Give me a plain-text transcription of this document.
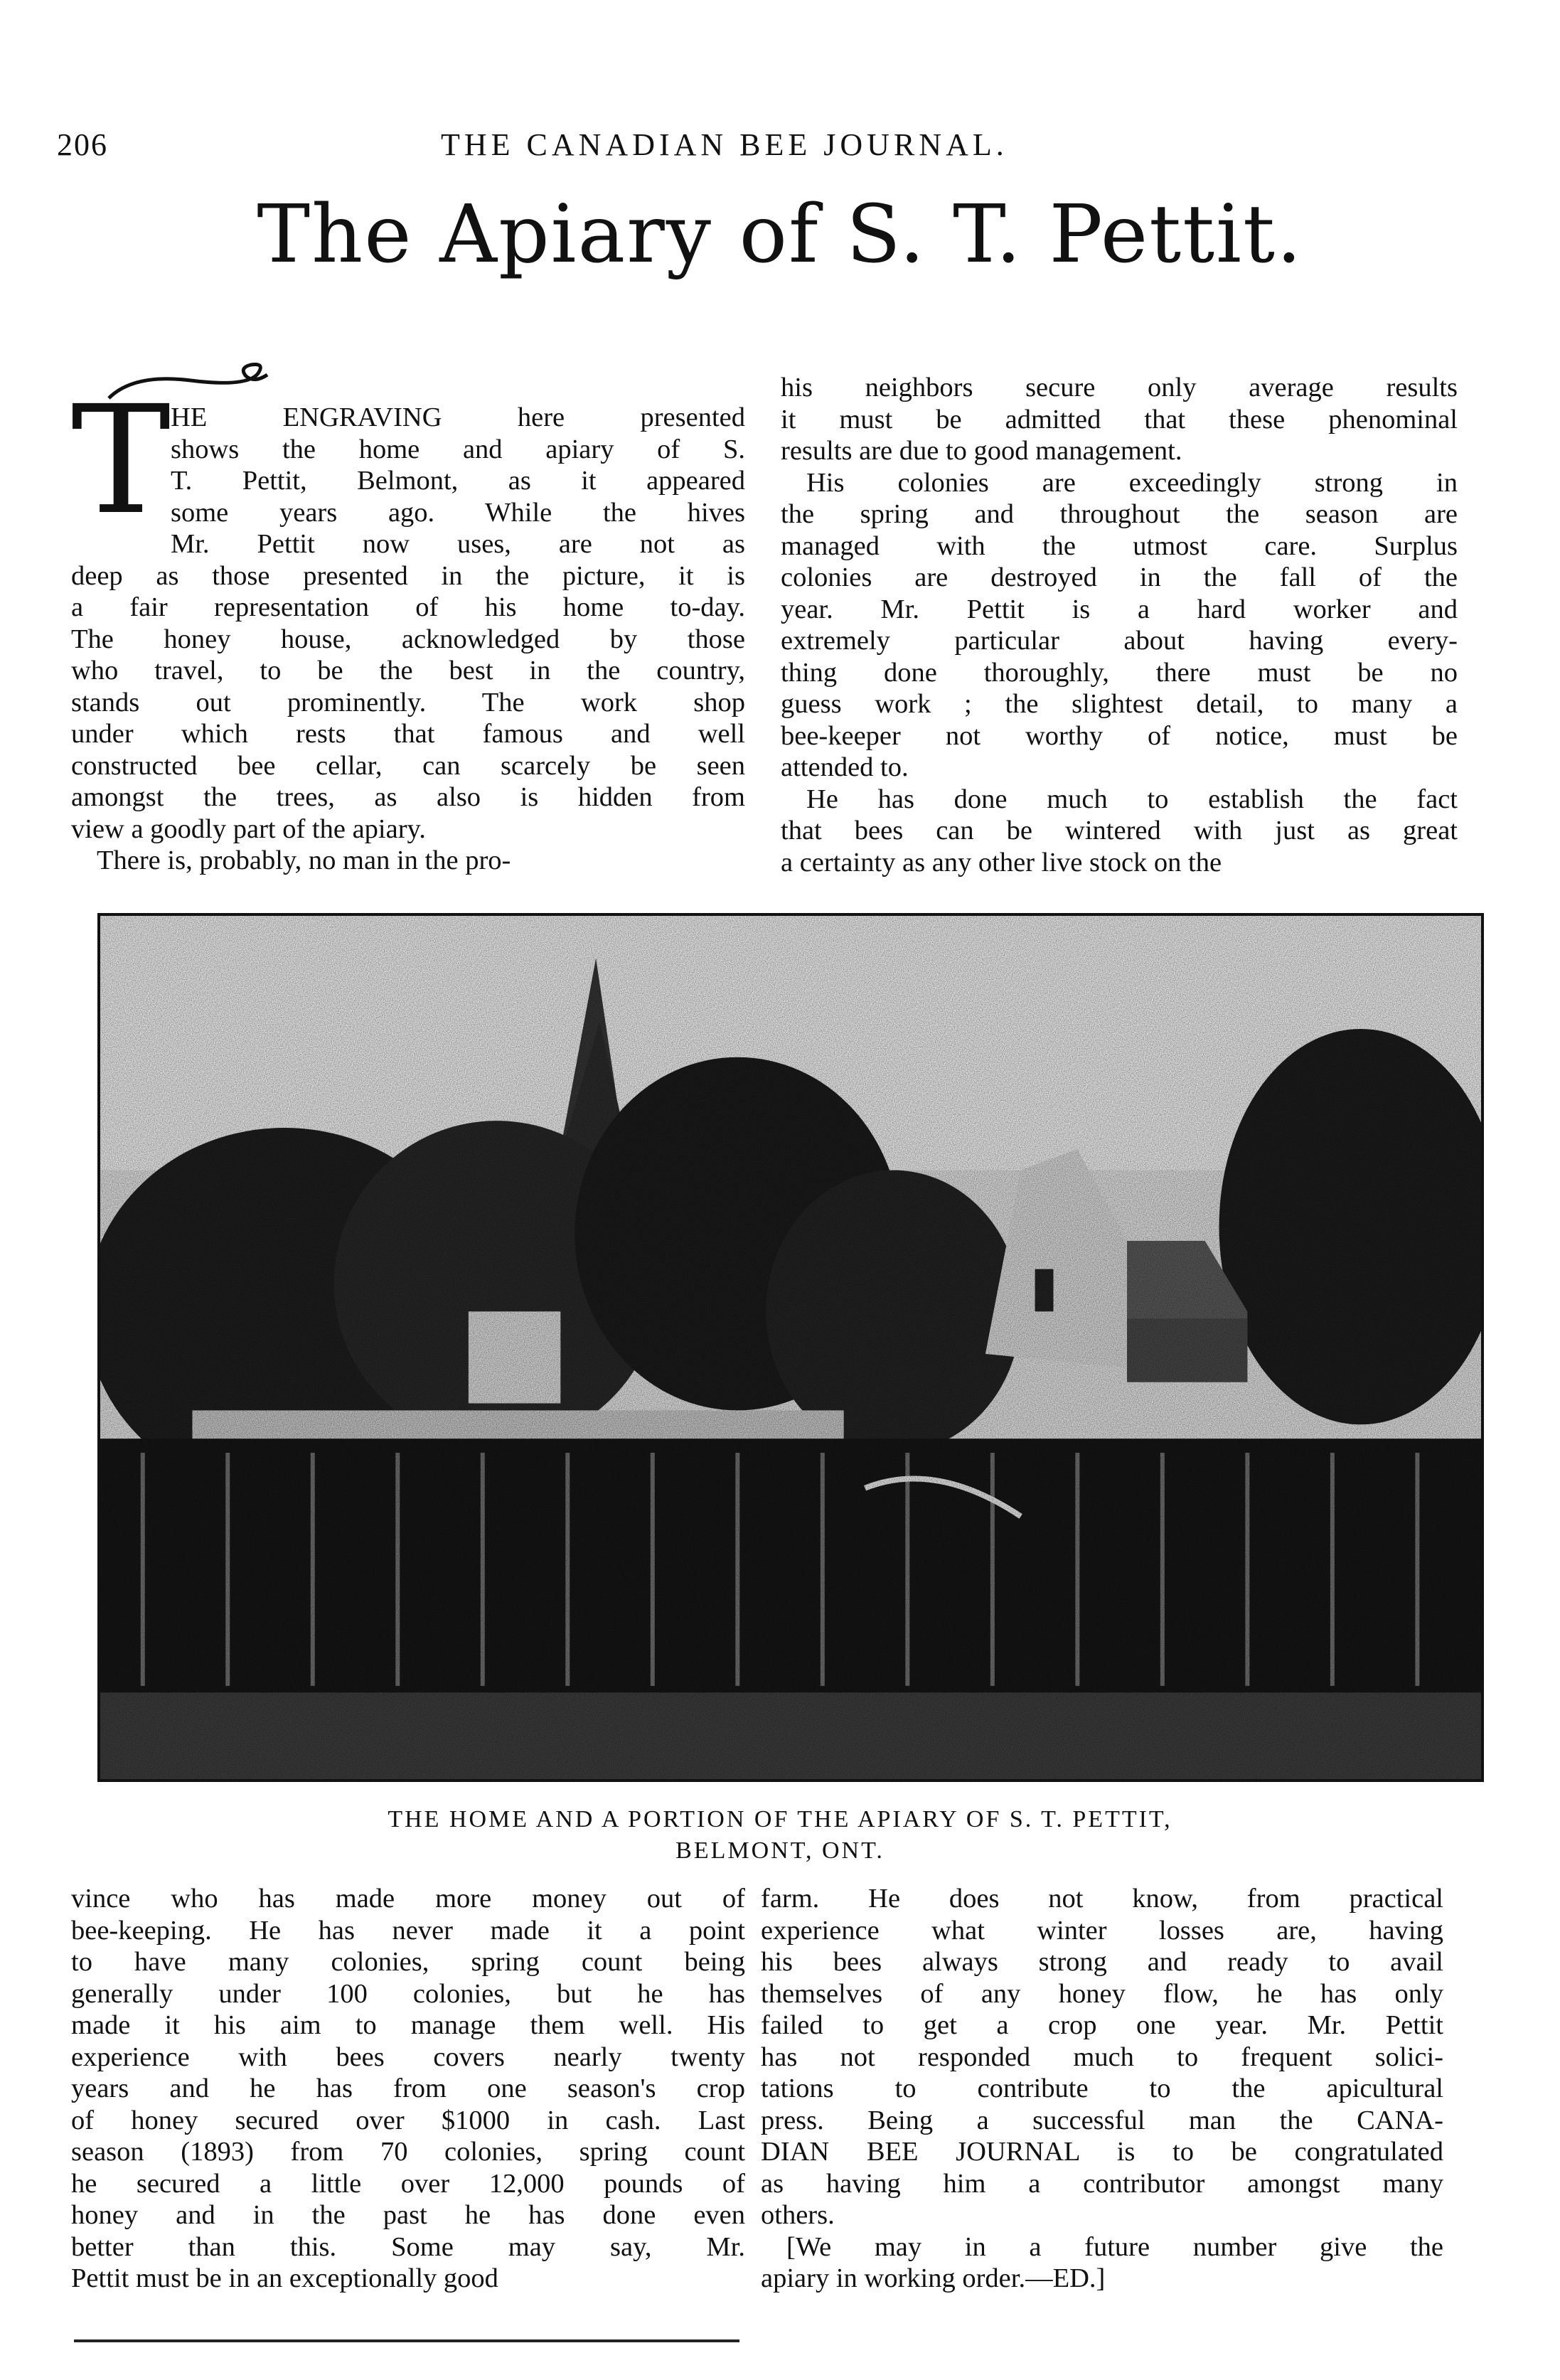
206	THE CANADIAN BEE JOURNAL.
The Apiary of S. T. Pettit.
T HE ENGRAVING here presented
shows the home and apiary of S.
T. Pettit, Belmont, as it appeared
some years ago. While the hives
Mr. Pettit now uses, are not as
deep as those presented in the picture, it is
a fair representation of his home to-day.
The honey house, acknowledged by those
who travel, to be the best in the country,
stands out prominently. The work shop
under which rests that famous and well
constructed bee cellar, can scarcely be seen
amongst the trees, as also is hidden from
view a goodly part of the apiary.
There is, probably, no man in the pro-
his neighbors secure only average results
it must be admitted that these phenominal
results are due to good management.
His colonies are exceedingly strong in
the spring and throughout the season are
managed with the utmost care. Surplus
colonies are destroyed in the fall of the
year. Mr. Pettit is a hard worker and
extremely particular about having every-
thing done thoroughly, there must be no
guess work ; the slightest detail, to many a
bee-keeper not worthy of notice, must be
attended to.
He has done much to establish the fact
that bees can be wintered with just as great
a certainty as any other live stock on the
THE HOME AND A PORTION OF THE APIARY OF S. T. PETTIT,
BELMONT, ONT.
vince who has made more money out of
bee-keeping. He has never made it a point
to have many colonies, spring count being
generally under 100 colonies, but he has
made it his aim to manage them well. His
experience with bees covers nearly twenty
years and he has from one season's crop
of honey secured over $1000 in cash. Last
season (1893) from 70 colonies, spring count
he secured a little over 12,000 pounds of
honey and in the past he has done even
better than this. Some may say, Mr.
Pettit must be in an exceptionally good
farm. He does not know, from practical
experience what winter losses are, having
his bees always strong and ready to avail
themselves of any honey flow, he has only
failed to get a crop one year. Mr. Pettit
has not responded much to frequent solici-
tations to contribute to the apicultural
press. Being a successful man the CANA-
DIAN BEE JOURNAL is to be congratulated
as having him a contributor amongst many
others.
[We may in a future number give the
apiary in working order.—ED.]
